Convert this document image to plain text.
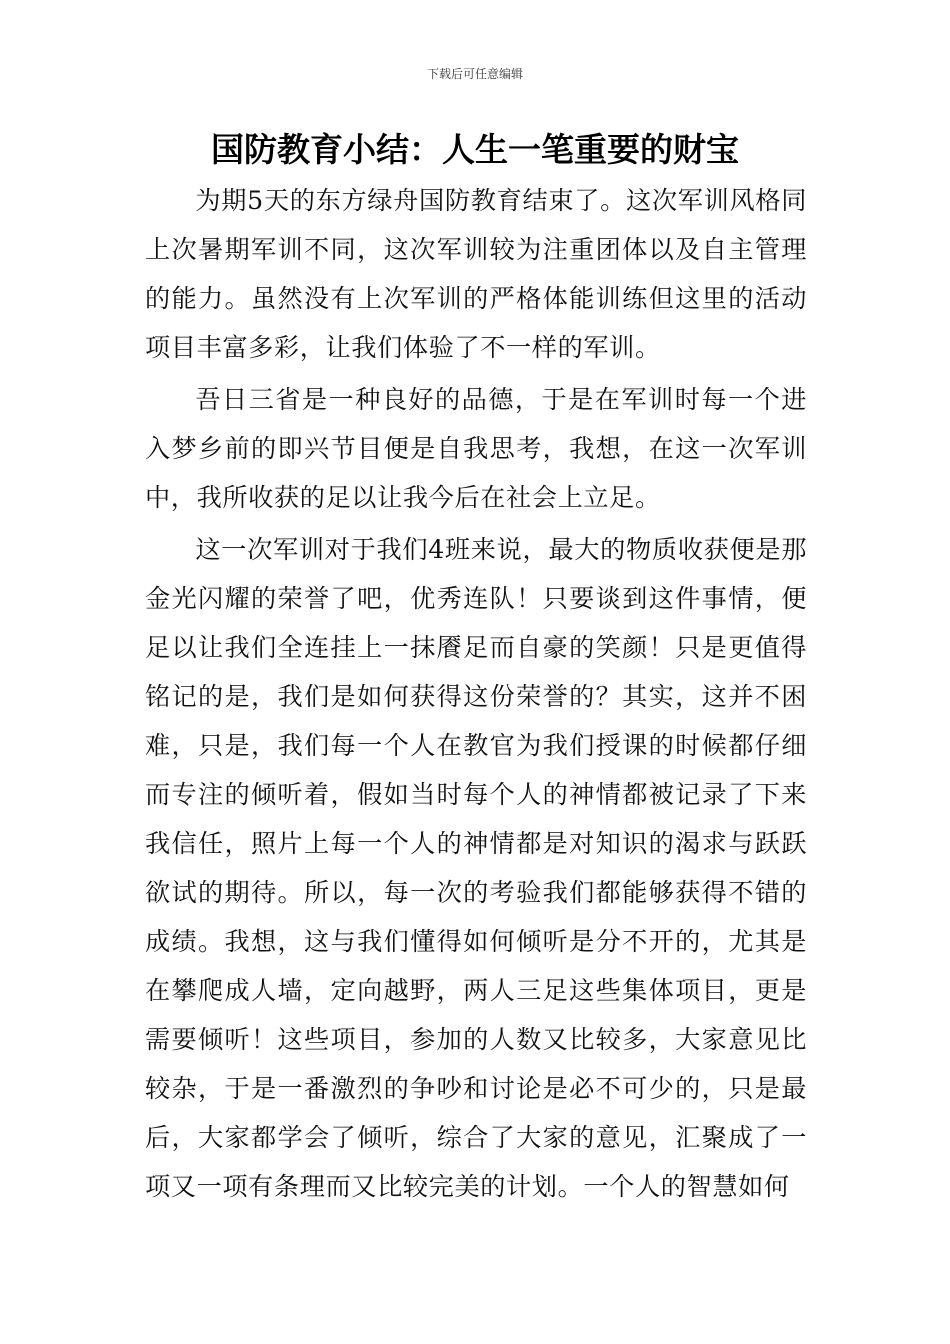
下载后可任意编辑
国防教育小结：人生一笔重要的财宝

为期5天的东方绿舟国防教育结束了。这次军训风格同上次暑期军训不同，这次军训较为注重团体以及自主管理的能力。虽然没有上次军训的严格体能训练但这里的活动项目丰富多彩，让我们体验了不一样的军训。

吾日三省是一种良好的品德，于是在军训时每一个进入梦乡前的即兴节目便是自我思考，我想，在这一次军训中，我所收获的足以让我今后在社会上立足。

这一次军训对于我们4班来说，最大的物质收获便是那金光闪耀的荣誉了吧，优秀连队！只要谈到这件事情，便足以让我们全连挂上一抹餍足而自豪的笑颜！只是更值得铭记的是，我们是如何获得这份荣誉的？其实，这并不困难，只是，我们每一个人在教官为我们授课的时候都仔细而专注的倾听着，假如当时每个人的神情都被记录了下来我信任，照片上每一个人的神情都是对知识的渴求与跃跃欲试的期待。所以，每一次的考验我们都能够获得不错的成绩。我想，这与我们懂得如何倾听是分不开的，尤其是在攀爬成人墙，定向越野，两人三足这些集体项目，更是需要倾听！这些项目，参加的人数又比较多，大家意见比较杂，于是一番激烈的争吵和讨论是必不可少的，只是最后，大家都学会了倾听，综合了大家的意见，汇聚成了一项又一项有条理而又比较完美的计划。一个人的智慧如何
